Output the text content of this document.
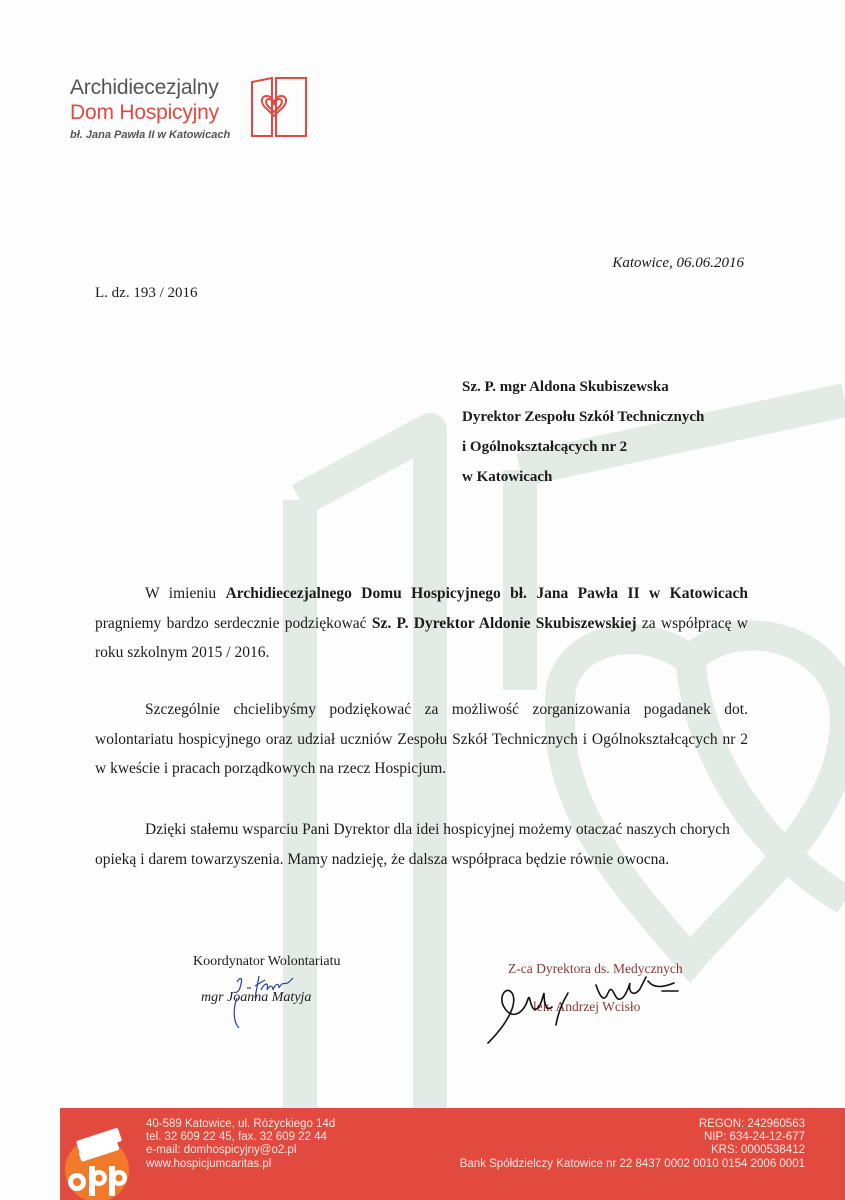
Archidiecezjalny
Dom Hospicyjny
bł. Jana Pawła II w Katowicach
Katowice, 06.06.2016
L. dz. 193 / 2016
Sz. P. mgr Aldona Skubiszewska
Dyrektor Zespołu Szkół Technicznych
i Ogólnokształcących nr 2
w Katowicach
W imieniu Archidiecezjalnego Domu Hospicyjnego bł. Jana Pawła II w Katowicach pragniemy bardzo serdecznie podziękować Sz. P. Dyrektor Aldonie Skubiszewskiej za współpracę w roku szkolnym 2015 / 2016.
Szczególnie chcielibyśmy podziękować za możliwość zorganizowania pogadanek dot. wolontariatu hospicyjnego oraz udział uczniów Zespołu Szkół Technicznych i Ogólnokształcących nr 2 w kweście i pracach porządkowych na rzecz Hospicjum.
Dzięki stałemu wsparciu Pani Dyrektor dla idei hospicyjnej możemy otaczać naszych chorych opieką i darem towarzyszenia. Mamy nadzieję, że dalsza współpraca będzie równie owocna.
Koordynator Wolontariatu
mgr Joanna Matyja
Z-ca Dyrektora ds. Medycznych
lek. Andrzej Wcisło
40-589 Katowice, ul. Różyckiego 14d
tel. 32 609 22 45, fax. 32 609 22 44
e-mail: domhospicyjny@o2.pl
www.hospicjumcaritas.pl
REGON: 242960563
NIP: 634-24-12-677
KRS: 0000538412
Bank Spółdzielczy Katowice nr 22 8437 0002 0010 0154 2006 0001
